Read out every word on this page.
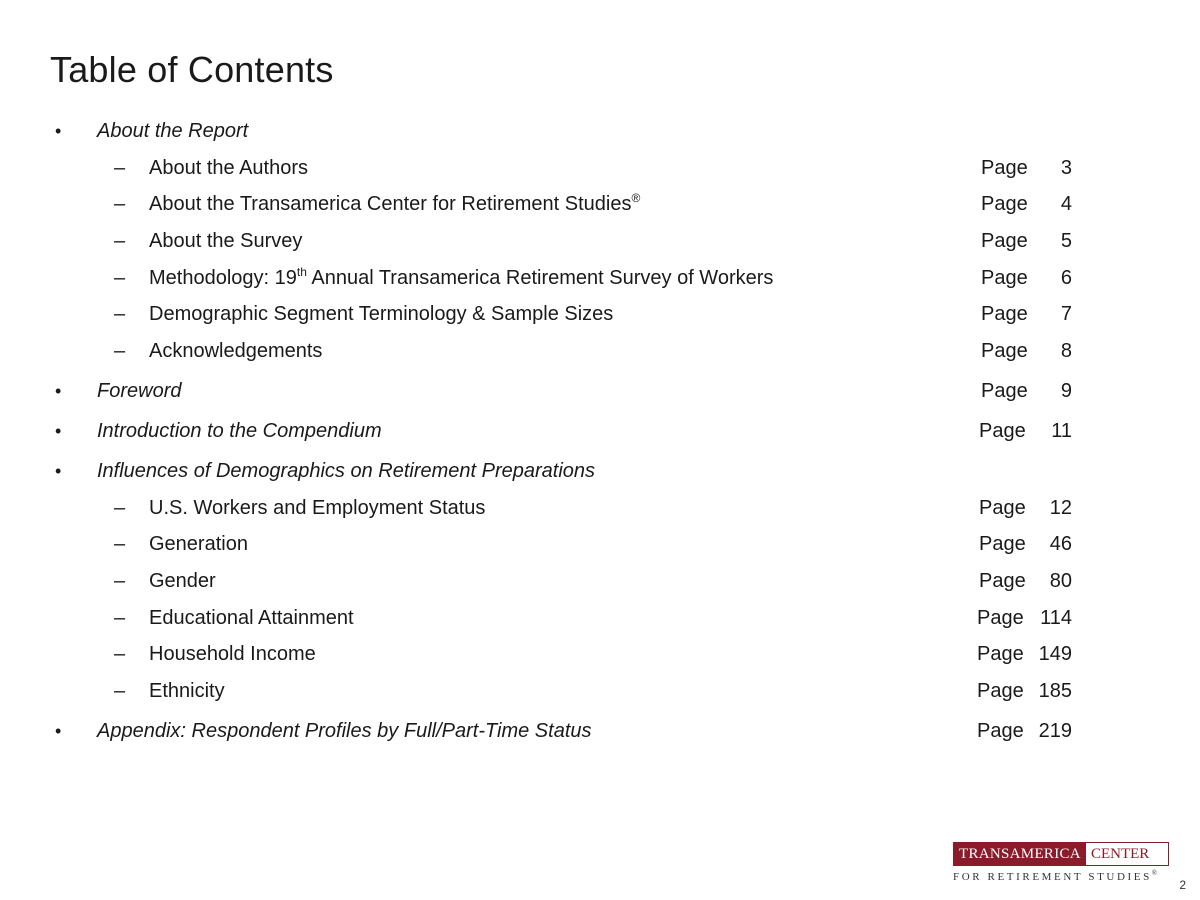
Table of Contents
• About the Report
– About the Authors	Page 3
– About the Transamerica Center for Retirement Studies®	Page 4
– About the Survey	Page 5
– Methodology: 19th Annual Transamerica Retirement Survey of Workers	Page 6
– Demographic Segment Terminology & Sample Sizes	Page 7
– Acknowledgements	Page 8
• Foreword	Page 9
• Introduction to the Compendium	Page 11
• Influences of Demographics on Retirement Preparations
– U.S. Workers and Employment Status	Page 12
– Generation	Page 46
– Gender	Page 80
– Educational Attainment	Page 114
– Household Income	Page 149
– Ethnicity	Page 185
• Appendix: Respondent Profiles by Full/Part-Time Status	Page 219
TRANSAMERICA CENTER
FOR RETIREMENT STUDIES®
2
